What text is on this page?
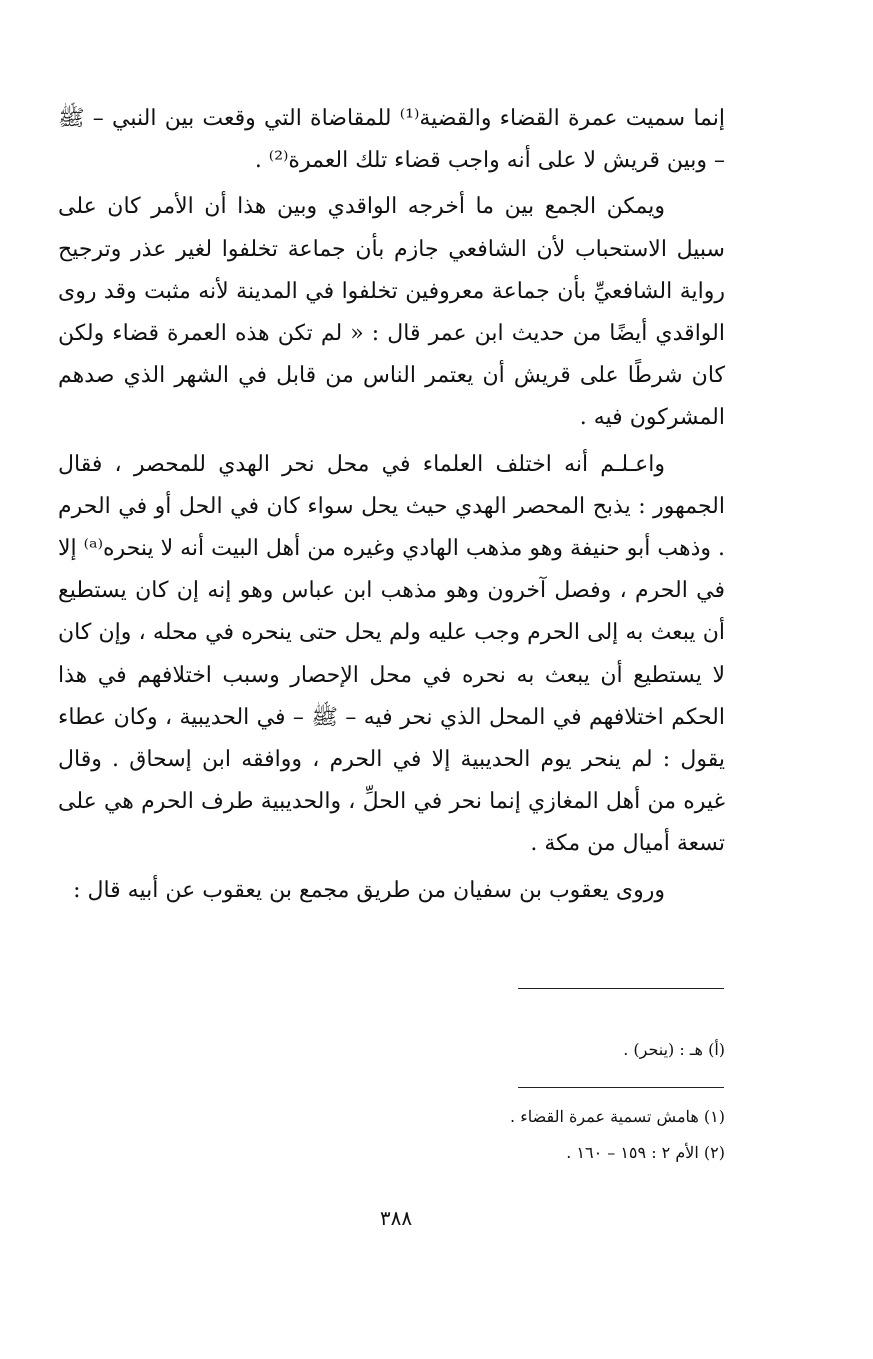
إنما سميت عمرة القضاء والقضية⁽¹⁾ للمقاضاة التي وقعت بين النبي – ﷺ – وبين قريش لا على أنه واجب قضاء تلك العمرة⁽²⁾ .

ويمكن الجمع بين ما أخرجه الواقدي وبين هذا أن الأمر كان على سبيل الاستحباب لأن الشافعي جازم بأن جماعة تخلفوا لغير عذر وترجيح رواية الشافعيِّ بأن جماعة معروفين تخلفوا في المدينة لأنه مثبت وقد روى الواقدي أيضًا من حديث ابن عمر قال : « لم تكن هذه العمرة قضاء ولكن كان شرطًا على قريش أن يعتمر الناس من قابل في الشهر الذي صدهم المشركون فيه .

واعـلـم أنه اختلف العلماء في محل نحر الهدي للمحصر ، فقال الجمهور : يذبح المحصر الهدي حيث يحل سواء كان في الحل أو في الحرم . وذهب أبو حنيفة وهو مذهب الهادي وغيره من أهل البيت أنه لا ينحره⁽ᵃ⁾ إلا في الحرم ، وفصل آخرون وهو مذهب ابن عباس وهو إنه إن كان يستطيع أن يبعث به إلى الحرم وجب عليه ولم يحل حتى ينحره في محله ، وإن كان لا يستطيع أن يبعث به نحره في محل الإحصار وسبب اختلافهم في هذا الحكم اختلافهم في المحل الذي نحر فيه – ﷺ – في الحديبية ، وكان عطاء يقول : لم ينحر يوم الحديبية إلا في الحرم ، ووافقه ابن إسحاق . وقال غيره من أهل المغازي إنما نحر في الحلِّ ، والحديبية طرف الحرم هي على تسعة أميال من مكة .

وروى يعقوب بن سفيان من طريق مجمع بن يعقوب عن أبيه قال :

(أ) هـ : (ينحر) .
(١) هامش تسمية عمرة القضاء .
(٢) الأم ٢ : ١٥٩ – ١٦٠ .
٣٨٨
